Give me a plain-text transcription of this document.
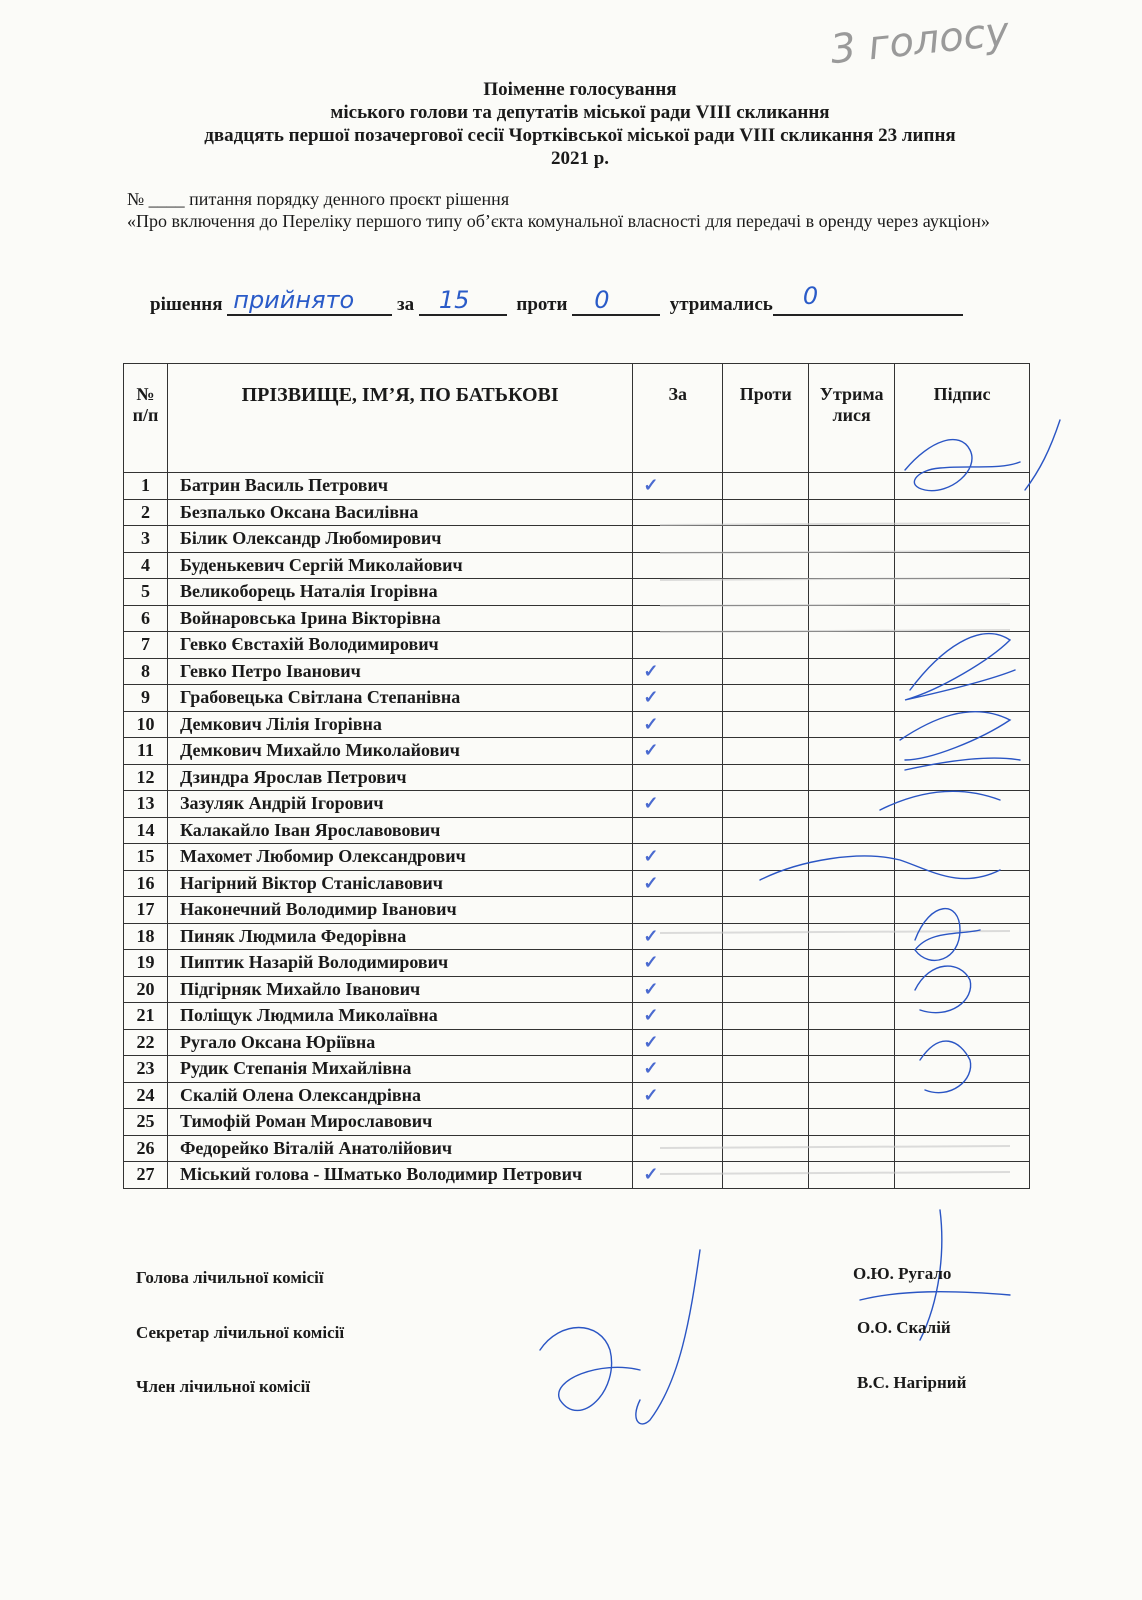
3 голосу
Поіменне голосування
міського голови та депутатів міської ради VIII скликання
двадцять першої позачергової сесії Чортківської міської ради VIII скликання 23 липня
2021 р.
№ ____ питання порядку денного проєкт рішення
«Про включення до Переліку першого типу об’єкта комунальної власності для передачі в оренду через аукціон»
рішення прийнято за 15 проти 0	утримались 0
№ п/п	ПРІЗВИЩЕ, ІМ’Я, ПО БАТЬКОВІ	За	Проти	Утрималися	Підпис
1	Батрин Василь Петрович	✓			
2	Безпалько Оксана Василівна				
3	Білик Олександр Любомирович				
4	Буденькевич Сергій Миколайович				
5	Великоборець Наталія Ігорівна				
6	Войнаровська Ірина Вікторівна				
7	Гевко Євстахій Володимирович				
8	Гевко Петро Іванович	✓			
9	Грабовецька Світлана Степанівна	✓			
10	Демкович Лілія Ігорівна	✓			
11	Демкович Михайло Миколайович	✓			
12	Дзиндра Ярослав Петрович				
13	Зазуляк Андрій Ігорович	✓			
14	Калакайло Іван Ярославовович				
15	Махомет Любомир Олександрович	✓			
16	Нагірний Віктор Станіславович	✓			
17	Наконечний Володимир Іванович				
18	Пиняк Людмила Федорівна	✓			
19	Пиптик Назарій Володимирович	✓			
20	Підгірняк Михайло Іванович	✓			
21	Поліщук Людмила Миколаївна	✓			
22	Ругало Оксана Юріївна	✓			
23	Рудик Степанія Михайлівна	✓			
24	Скалій Олена Олександрівна	✓			
25	Тимофій Роман Мирославович				
26	Федорейко Віталій Анатолійович				
27	Міський голова - Шматько Володимир Петрович	✓			
Голова лічильної комісії	О.Ю. Ругало
Секретар лічильної комісії	О.О. Скалій
Член лічильної комісії	В.С. Нагірний
